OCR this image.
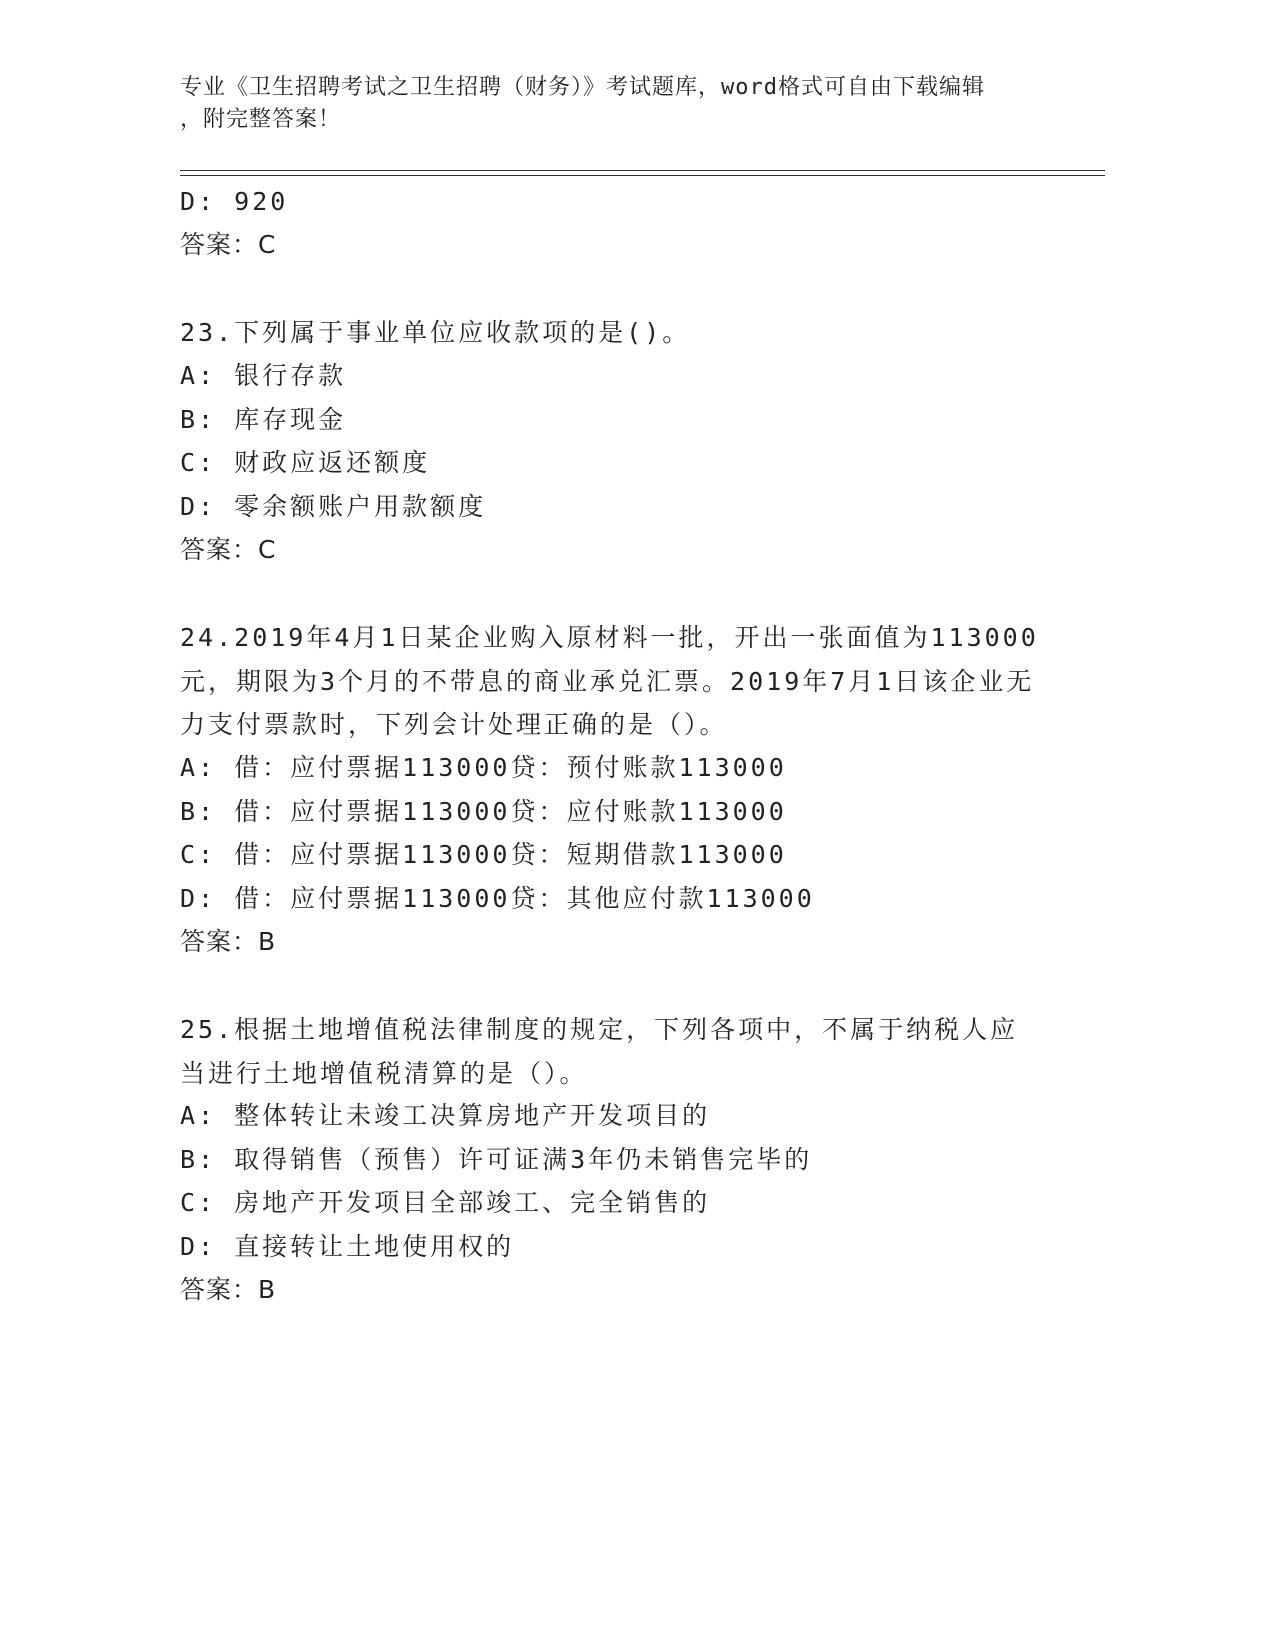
专业《卫生招聘考试之卫生招聘（财务）》考试题库，word格式可自由下载编辑
，附完整答案！
D: 920
答案：C
23.下列属于事业单位应收款项的是()。
A: 银行存款
B: 库存现金
C: 财政应返还额度
D: 零余额账户用款额度
答案：C
24.2019年4月1日某企业购入原材料一批，开出一张面值为113000元，期限为3个月的不带息的商业承兑汇票。2019年7月1日该企业无力支付票款时，下列会计处理正确的是（）。
A: 借：应付票据113000贷：预付账款113000
B: 借：应付票据113000贷：应付账款113000
C: 借：应付票据113000贷：短期借款113000
D: 借：应付票据113000贷：其他应付款113000
答案：B
25.根据土地增值税法律制度的规定，下列各项中，不属于纳税人应当进行土地增值税清算的是（）。
A: 整体转让未竣工决算房地产开发项目的
B: 取得销售（预售）许可证满3年仍未销售完毕的
C: 房地产开发项目全部竣工、完全销售的
D: 直接转让土地使用权的
答案：B
